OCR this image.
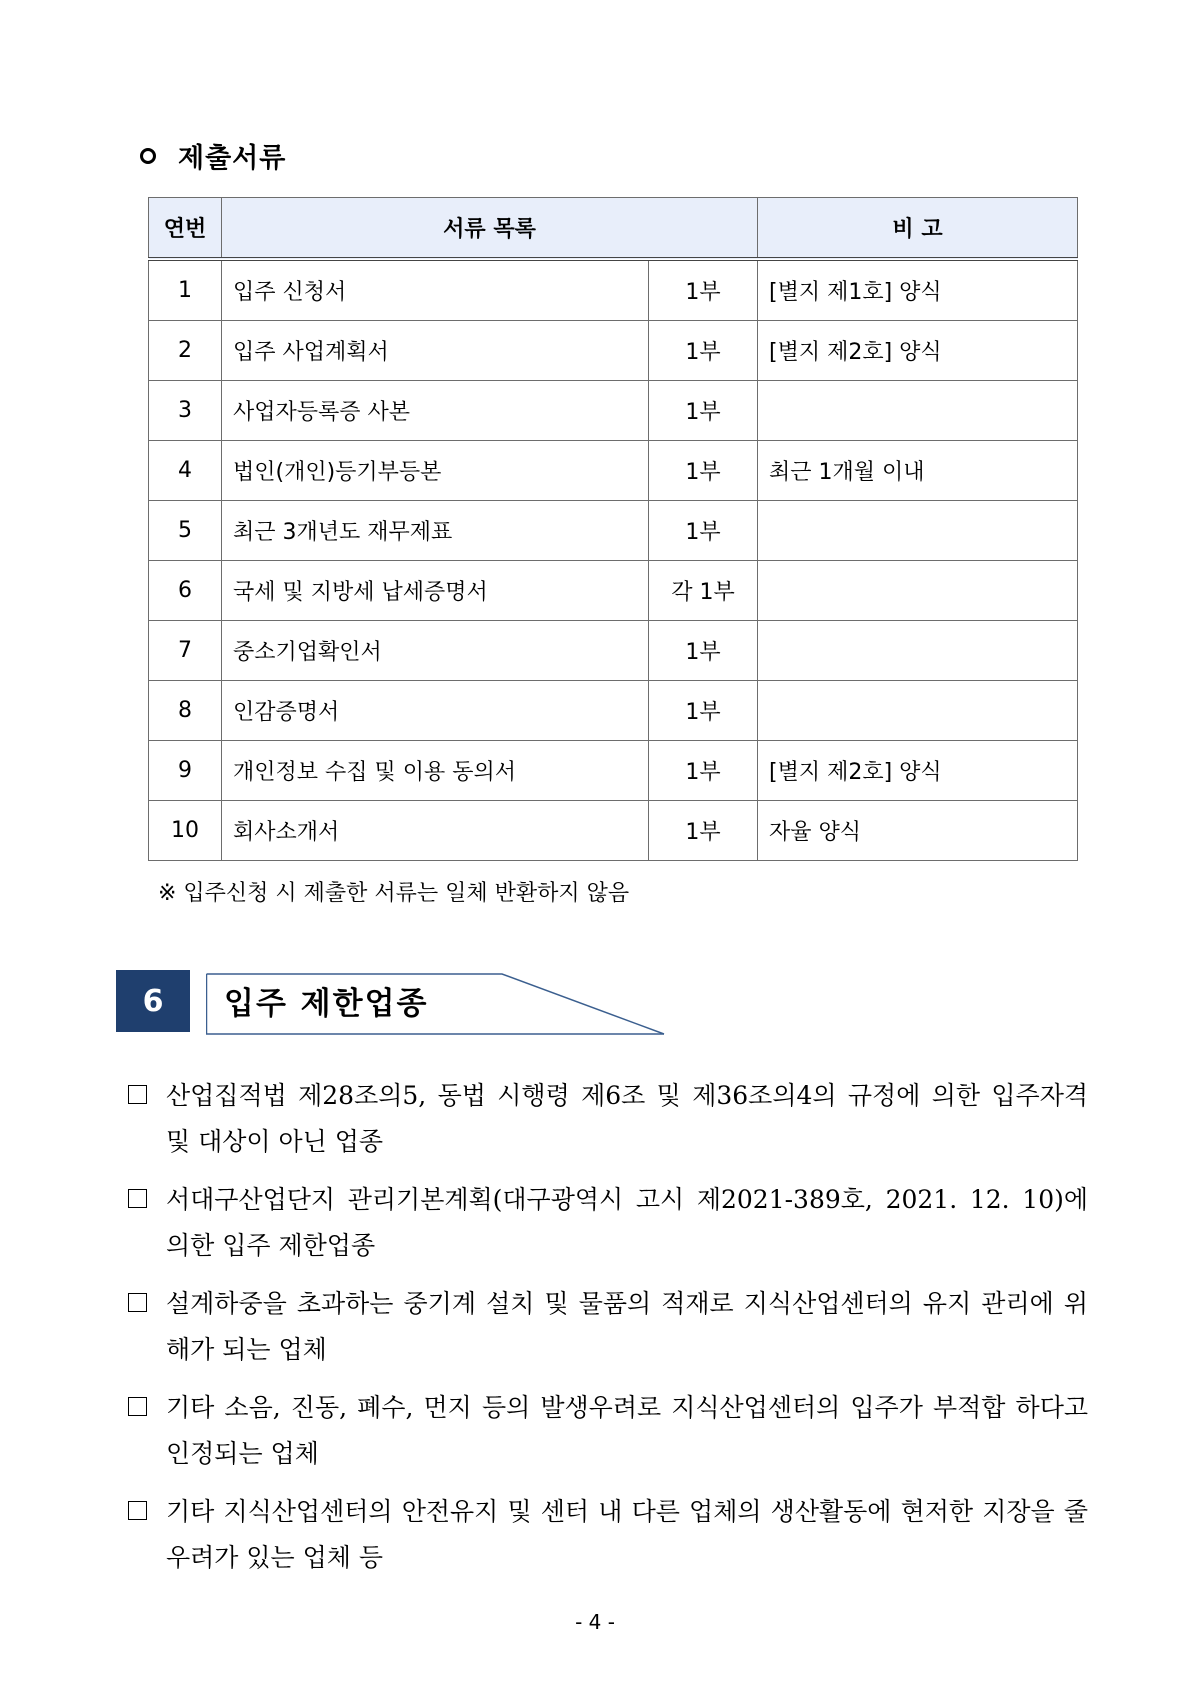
제출서류
연번	서류 목록		비 고
1	입주 신청서	1부	[별지 제1호] 양식
2	입주 사업계획서	1부	[별지 제2호] 양식
3	사업자등록증 사본	1부	
4	법인(개인)등기부등본	1부	최근 1개월 이내
5	최근 3개년도 재무제표	1부	
6	국세 및 지방세 납세증명서	각 1부	
7	중소기업확인서	1부	
8	인감증명서	1부	
9	개인정보 수집 및 이용 동의서	1부	[별지 제2호] 양식
10	회사소개서	1부	자율 양식
※ 입주신청 시 제출한 서류는 일체 반환하지 않음
6	입주 제한업종
산업집적법 제28조의5, 동법 시행령 제6조 및 제36조의4의 규정에 의한 입주자격 및 대상이 아닌 업종
서대구산업단지 관리기본계획(대구광역시 고시 제2021-389호, 2021. 12. 10)에 의한 입주 제한업종
설계하중을 초과하는 중기계 설치 및 물품의 적재로 지식산업센터의 유지 관리에 위해가 되는 업체
기타 소음, 진동, 폐수, 먼지 등의 발생우려로 지식산업센터의 입주가 부적합 하다고 인정되는 업체
기타 지식산업센터의 안전유지 및 센터 내 다른 업체의 생산활동에 현저한 지장을 줄 우려가 있는 업체 등
- 4 -
